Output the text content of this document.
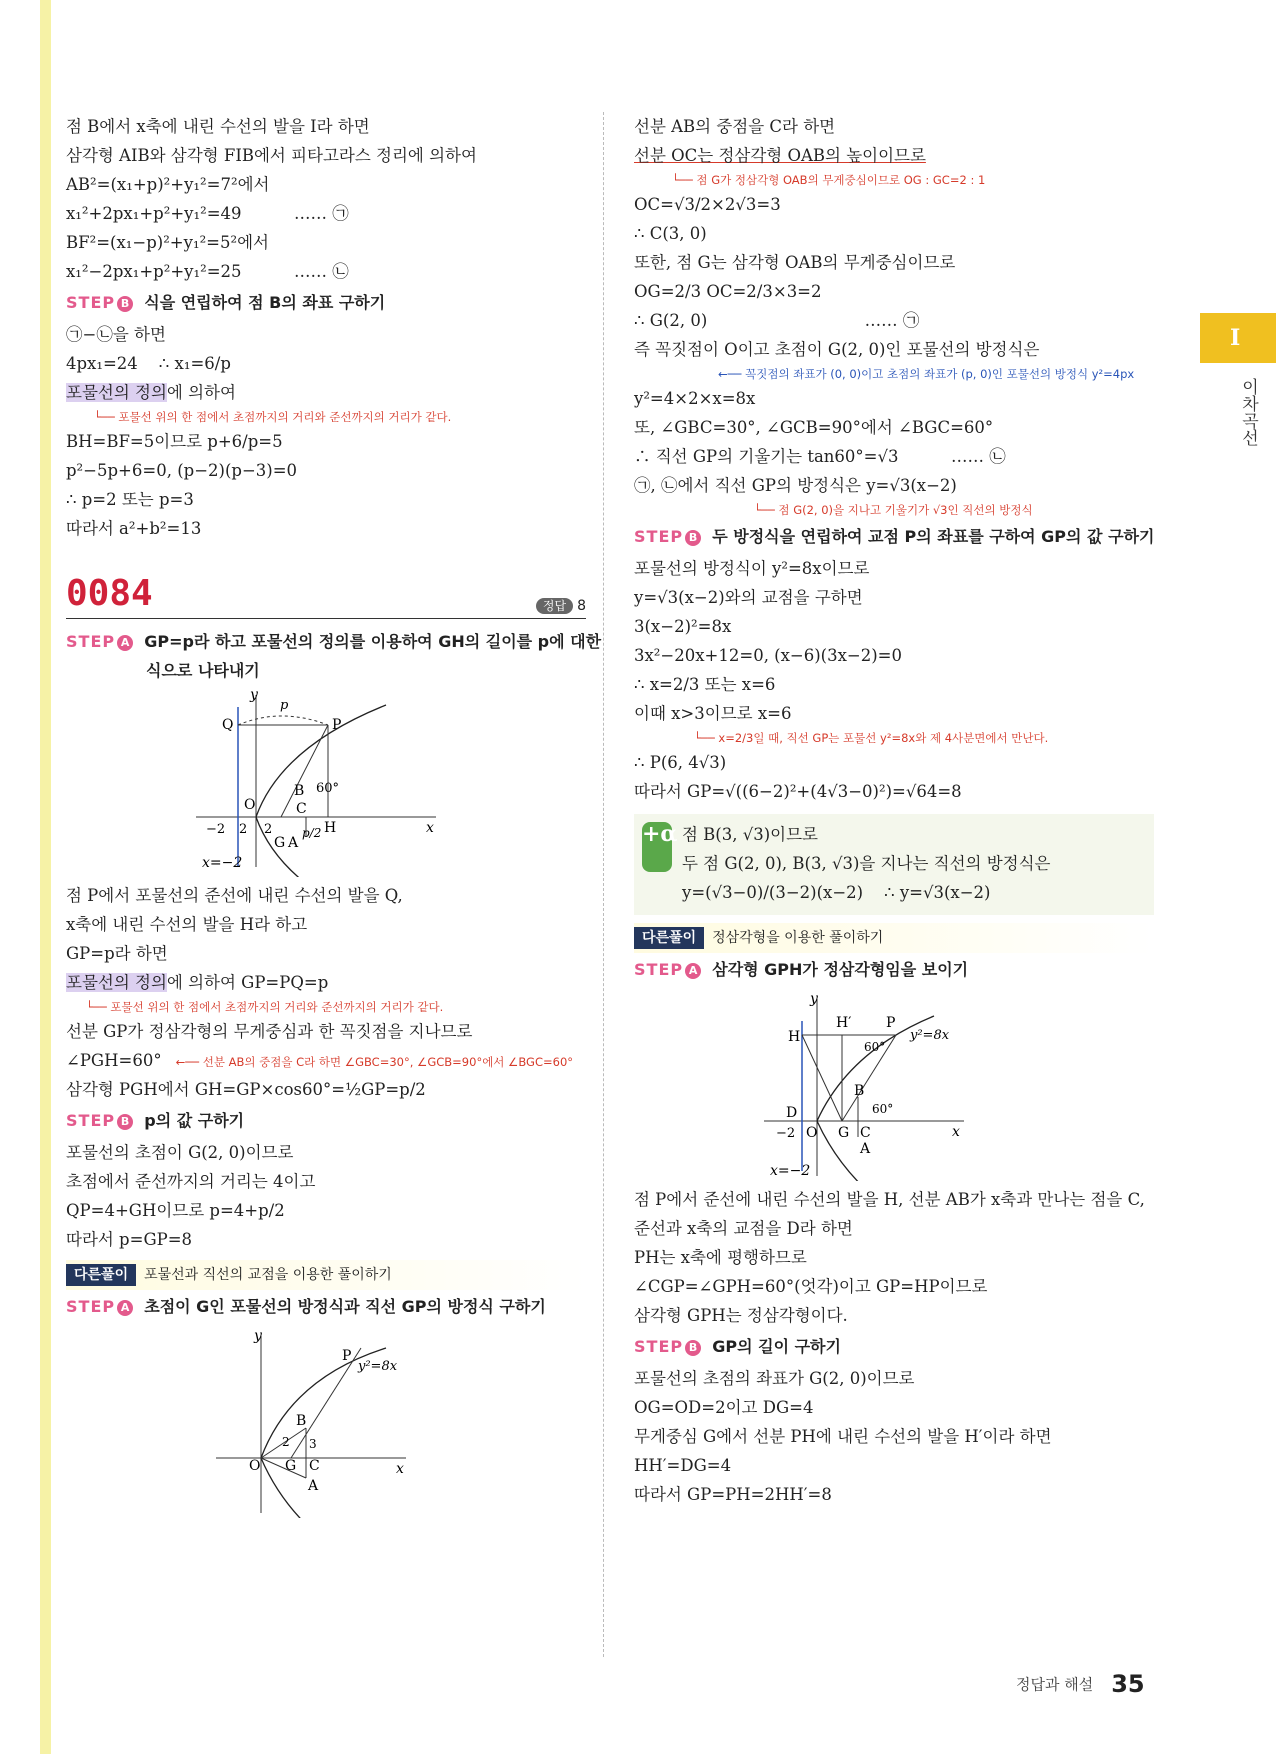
I
이차곡선
점 B에서 x축에 내린 수선의 발을 I라 하면
삼각형 AIB와 삼각형 FIB에서 피타고라스 정리에 의하여
AB²=(x₁+p)²+y₁²=7²에서
x₁²+2px₁+p²+y₁²=49          …… ㉠
BF²=(x₁−p)²+y₁²=5²에서
x₁²−2px₁+p²+y₁²=25          …… ㉡
STEP B 식을 연립하여 점 B의 좌표 구하기
㉠−㉡을 하면
4px₁=24    ∴ x₁=6/p
포물선의 정의에 의하여
└── 포물선 위의 한 점에서 초점까지의 거리와 준선까지의 거리가 같다.
BH=BF=5이므로 p+6/p=5
p²−5p+6=0, (p−2)(p−3)=0
∴ p=2 또는 p=3
따라서 a²+b²=13
0084	정답 8
STEP A GP=p라 하고 포물선의 정의를 이용하여 GH의 길이를 p에 대한
식으로 나타내기
y
x
Q	P
p
O
B
C
H
G A
60°
−2 2 2 p/2
x=−2
점 P에서 포물선의 준선에 내린 수선의 발을 Q,
x축에 내린 수선의 발을 H라 하고
GP=p라 하면
포물선의 정의에 의하여 GP=PQ=p
└── 포물선 위의 한 점에서 초점까지의 거리와 준선까지의 거리가 같다.
선분 GP가 정삼각형의 무게중심과 한 꼭짓점을 지나므로
∠PGH=60° ←── 선분 AB의 중점을 C라 하면 ∠GBC=30°, ∠GCB=90°에서 ∠BGC=60°
삼각형 PGH에서 GH=GP×cos60°=½GP=p/2
STEP B p의 값 구하기
포물선의 초점이 G(2, 0)이므로
초점에서 준선까지의 거리는 4이고
QP=4+GH이므로 p=4+p/2
따라서 p=GP=8
다른풀이 포물선과 직선의 교점을 이용한 풀이하기
STEP A 초점이 G인 포물선의 방정식과 직선 GP의 방정식 구하기
y
x
P
y²=8x
B
O G C
A
2 3
선분 AB의 중점을 C라 하면
선분 OC는 정삼각형 OAB의 높이이므로
└── 점 G가 정삼각형 OAB의 무게중심이므로 OG : GC=2 : 1
OC=√3/2×2√3=3
∴ C(3, 0)
또한, 점 G는 삼각형 OAB의 무게중심이므로
OG=2/3 OC=2/3×3=2
∴ G(2, 0)                              …… ㉠
즉 꼭짓점이 O이고 초점이 G(2, 0)인 포물선의 방정식은
←── 꼭짓점의 좌표가 (0, 0)이고 초점의 좌표가 (p, 0)인 포물선의 방정식 y²=4px
y²=4×2×x=8x
또, ∠GBC=30°, ∠GCB=90°에서 ∠BGC=60°
∴ 직선 GP의 기울기는 tan60°=√3          …… ㉡
㉠, ㉡에서 직선 GP의 방정식은 y=√3(x−2)
└── 점 G(2, 0)을 지나고 기울기가 √3인 직선의 방정식
STEP B 두 방정식을 연립하여 교점 P의 좌표를 구하여 GP의 값 구하기
포물선의 방정식이 y²=8x이므로
y=√3(x−2)와의 교점을 구하면
3(x−2)²=8x
3x²−20x+12=0, (x−6)(3x−2)=0
∴ x=2/3 또는 x=6
이때 x>3이므로 x=6
└── x=2/3일 때, 직선 GP는 포물선 y²=8x와 제 4사분면에서 만난다.
∴ P(6, 4√3)
따라서 GP=√((6−2)²+(4√3−0)²)=√64=8
+α 점 B(3, √3)이므로
두 점 G(2, 0), B(3, √3)을 지나는 직선의 방정식은
y=(√3−0)/(3−2)(x−2)    ∴ y=√3(x−2)
다른풀이 정삼각형을 이용한 풀이하기
STEP A 삼각형 GPH가 정삼각형임을 보이기
y
x
H
H′ P
y²=8x
60°
60°
B
D
O G C
A
−2
x=−2
점 P에서 준선에 내린 수선의 발을 H, 선분 AB가 x축과 만나는 점을 C,
준선과 x축의 교점을 D라 하면
PH는 x축에 평행하므로
∠CGP=∠GPH=60°(엇각)이고 GP=HP이므로
삼각형 GPH는 정삼각형이다.
STEP B GP의 길이 구하기
포물선의 초점의 좌표가 G(2, 0)이므로
OG=OD=2이고 DG=4
무게중심 G에서 선분 PH에 내린 수선의 발을 H′이라 하면
HH′=DG=4
따라서 GP=PH=2HH′=8
정답과 해설 35
